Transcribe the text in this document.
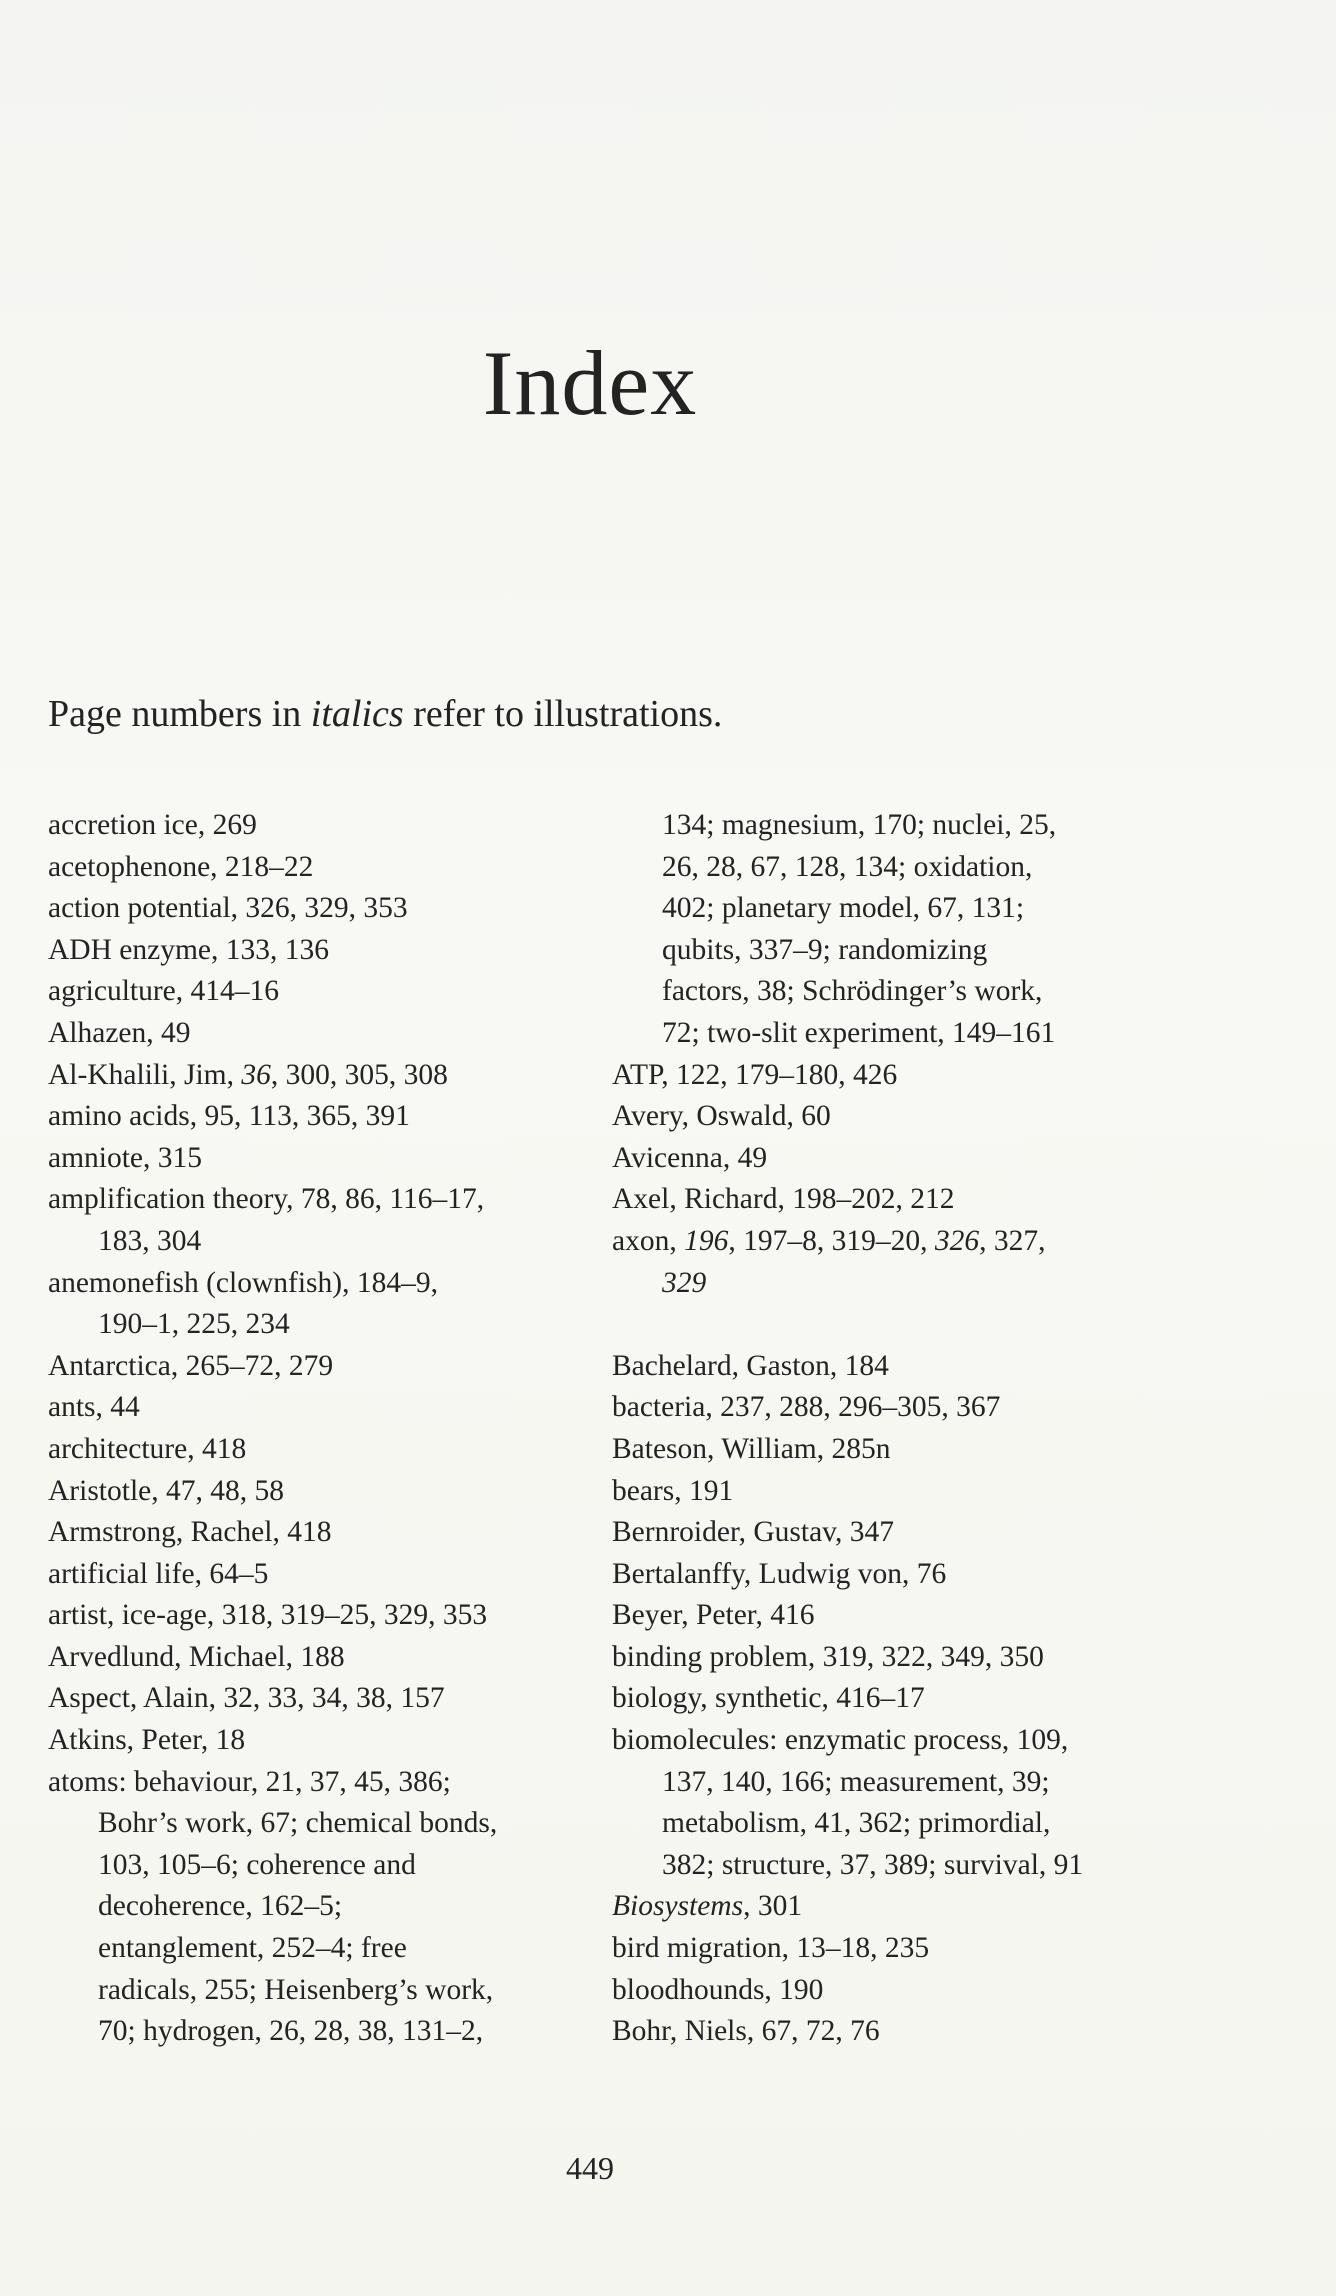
Index

Page numbers in italics refer to illustrations.

accretion ice, 269
acetophenone, 218–22
action potential, 326, 329, 353
ADH enzyme, 133, 136
agriculture, 414–16
Alhazen, 49
Al-Khalili, Jim, 36, 300, 305, 308
amino acids, 95, 113, 365, 391
amniote, 315
amplification theory, 78, 86, 116–17,
183, 304
anemonefish (clownfish), 184–9,
190–1, 225, 234
Antarctica, 265–72, 279
ants, 44
architecture, 418
Aristotle, 47, 48, 58
Armstrong, Rachel, 418
artificial life, 64–5
artist, ice-age, 318, 319–25, 329, 353
Arvedlund, Michael, 188
Aspect, Alain, 32, 33, 34, 38, 157
Atkins, Peter, 18
atoms: behaviour, 21, 37, 45, 386;
Bohr’s work, 67; chemical bonds,
103, 105–6; coherence and
decoherence, 162–5;
entanglement, 252–4; free
radicals, 255; Heisenberg’s work,
70; hydrogen, 26, 28, 38, 131–2,
134; magnesium, 170; nuclei, 25,
26, 28, 67, 128, 134; oxidation,
402; planetary model, 67, 131;
qubits, 337–9; randomizing
factors, 38; Schrödinger’s work,
72; two-slit experiment, 149–161
ATP, 122, 179–180, 426
Avery, Oswald, 60
Avicenna, 49
Axel, Richard, 198–202, 212
axon, 196, 197–8, 319–20, 326, 327,
329
Bachelard, Gaston, 184
bacteria, 237, 288, 296–305, 367
Bateson, William, 285n
bears, 191
Bernroider, Gustav, 347
Bertalanffy, Ludwig von, 76
Beyer, Peter, 416
binding problem, 319, 322, 349, 350
biology, synthetic, 416–17
biomolecules: enzymatic process, 109,
137, 140, 166; measurement, 39;
metabolism, 41, 362; primordial,
382; structure, 37, 389; survival, 91
Biosystems, 301
bird migration, 13–18, 235
bloodhounds, 190
Bohr, Niels, 67, 72, 76
449
